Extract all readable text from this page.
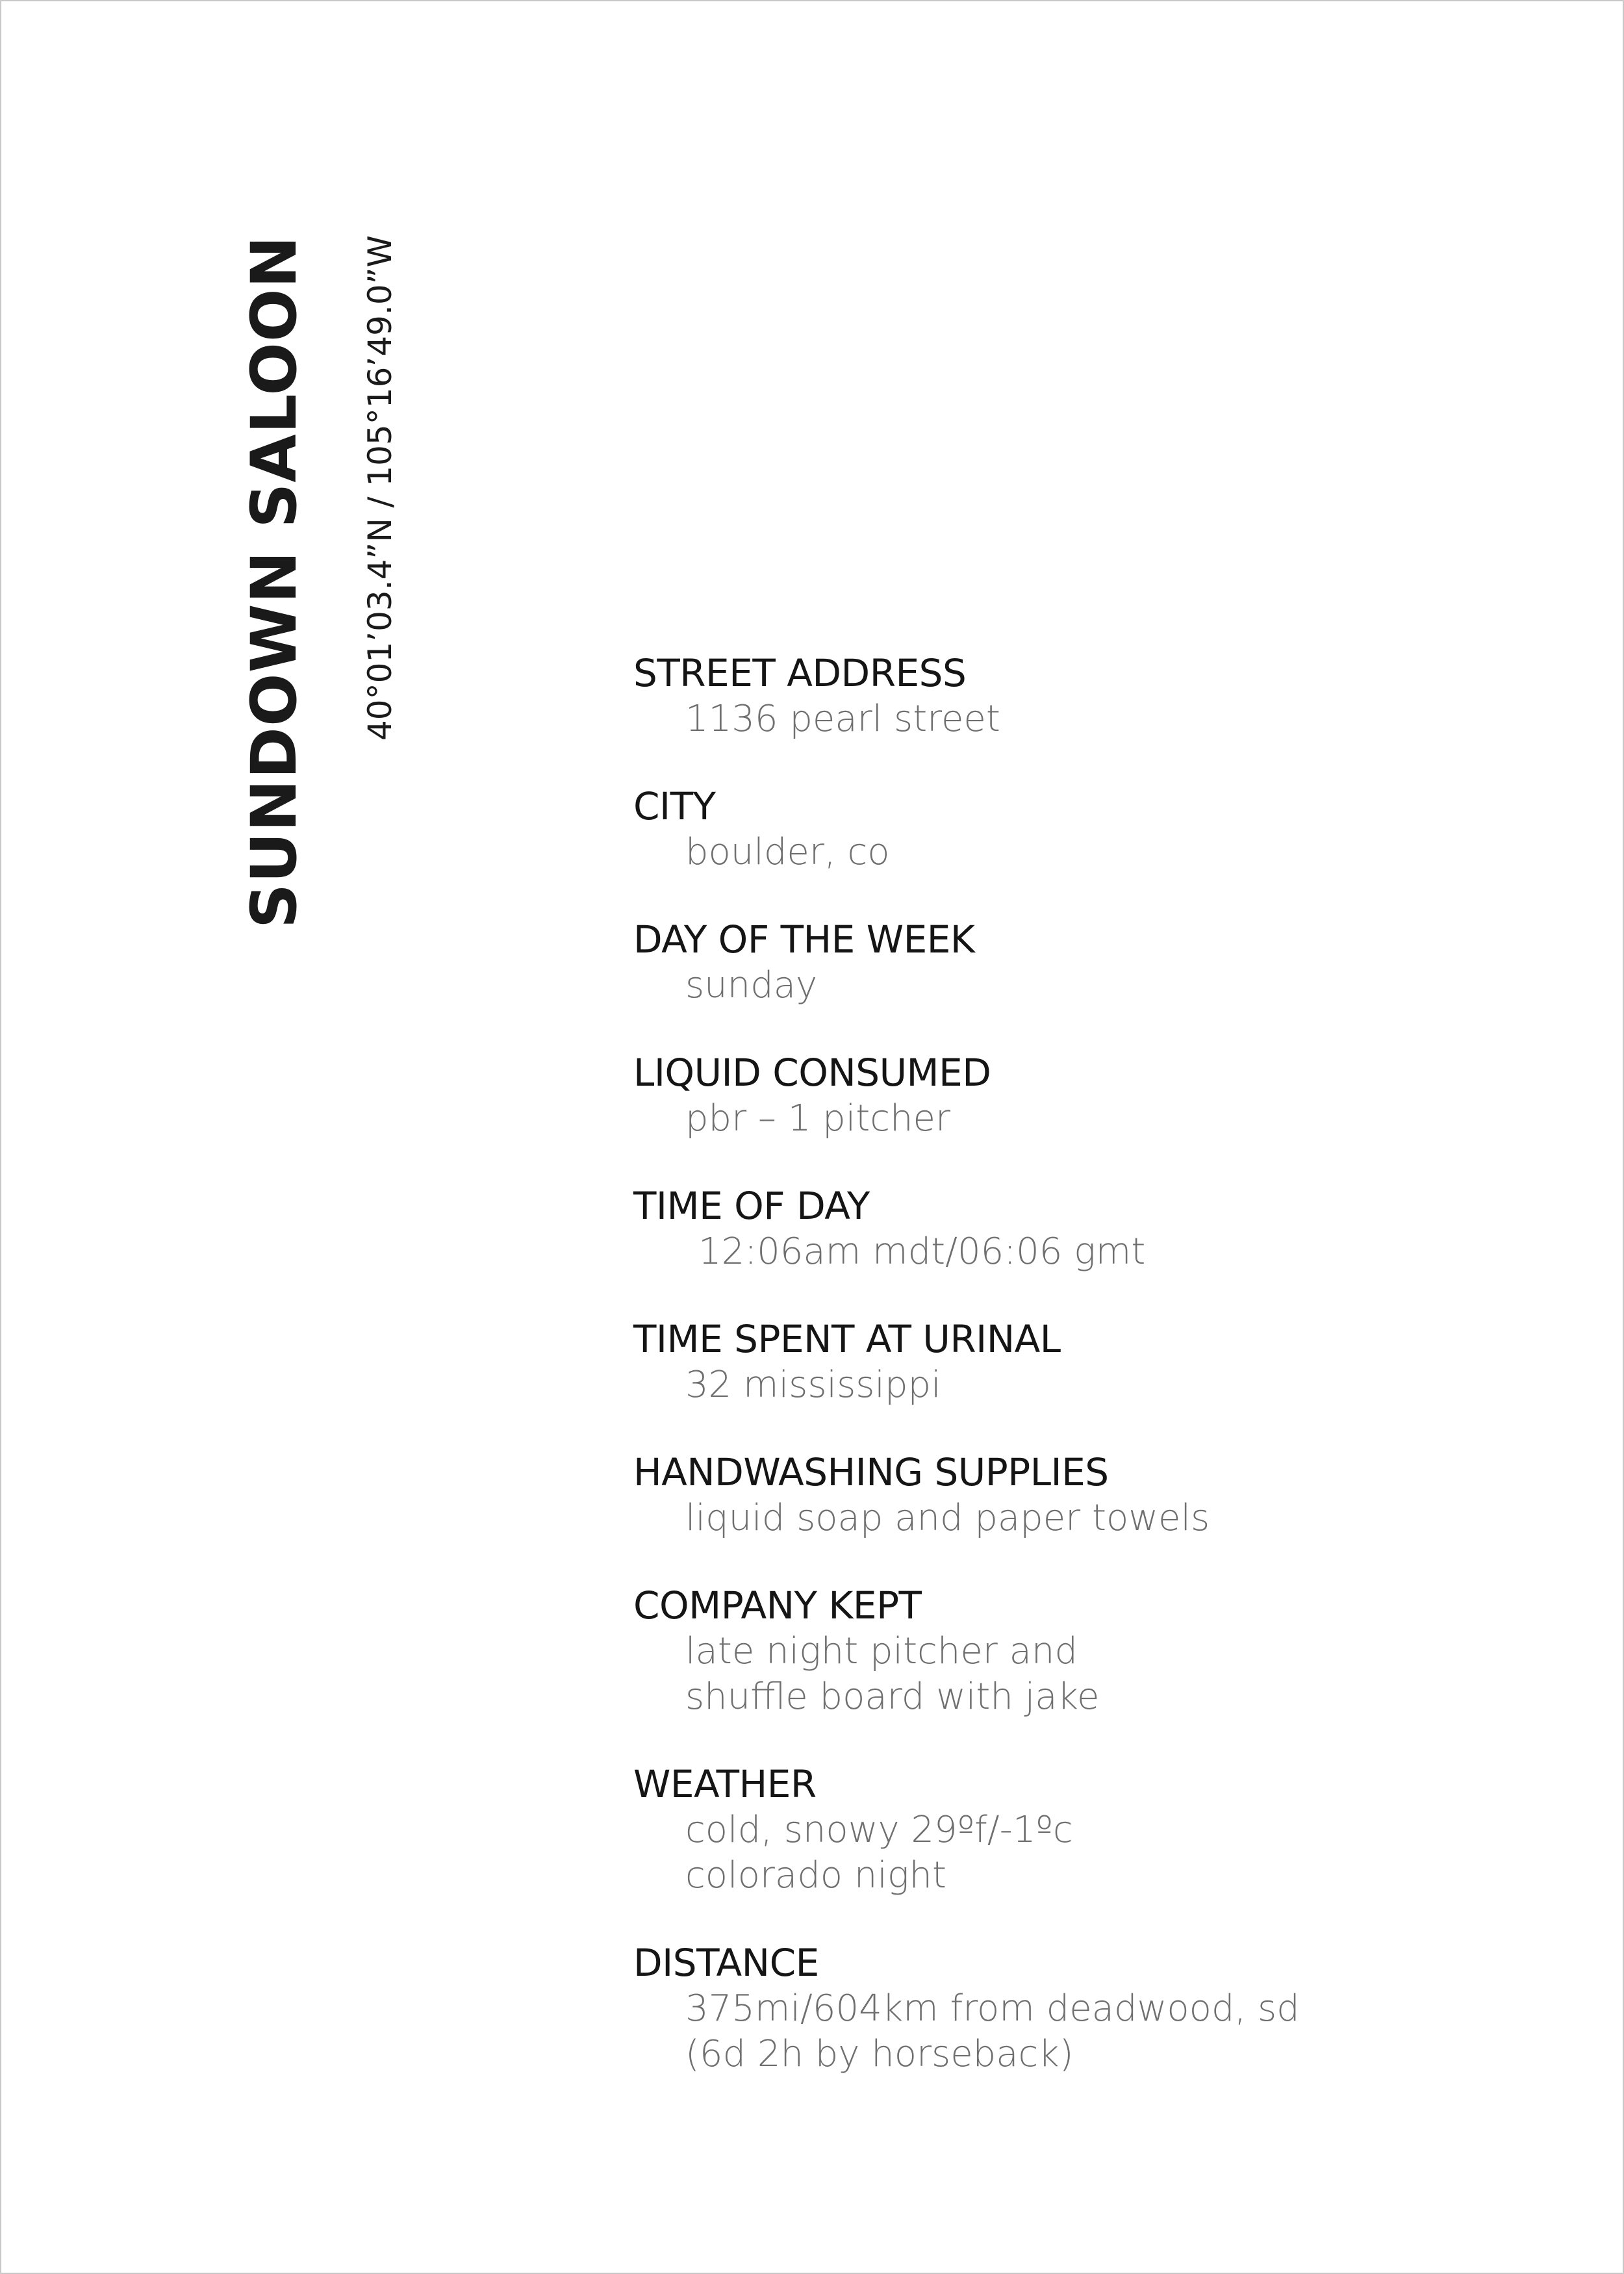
SUNDOWN SALOON 40°01’03.4”N / 105°16’49.0”W	STREET ADDRESS
1136 pearl street
CITY
boulder, co
DAY OF THE WEEK
sunday
LIQUID CONSUMED
pbr – 1 pitcher
TIME OF DAY
12:06am mdt/06:06 gmt
TIME SPENT AT URINAL
32 mississippi
HANDWASHING SUPPLIES
liquid soap and paper towels
COMPANY KEPT
late night pitcher and
shuffle board with jake
WEATHER
cold, snowy 29ºf/-1ºc
colorado night
DISTANCE
375mi/604km from deadwood, sd
(6d 2h by horseback)
